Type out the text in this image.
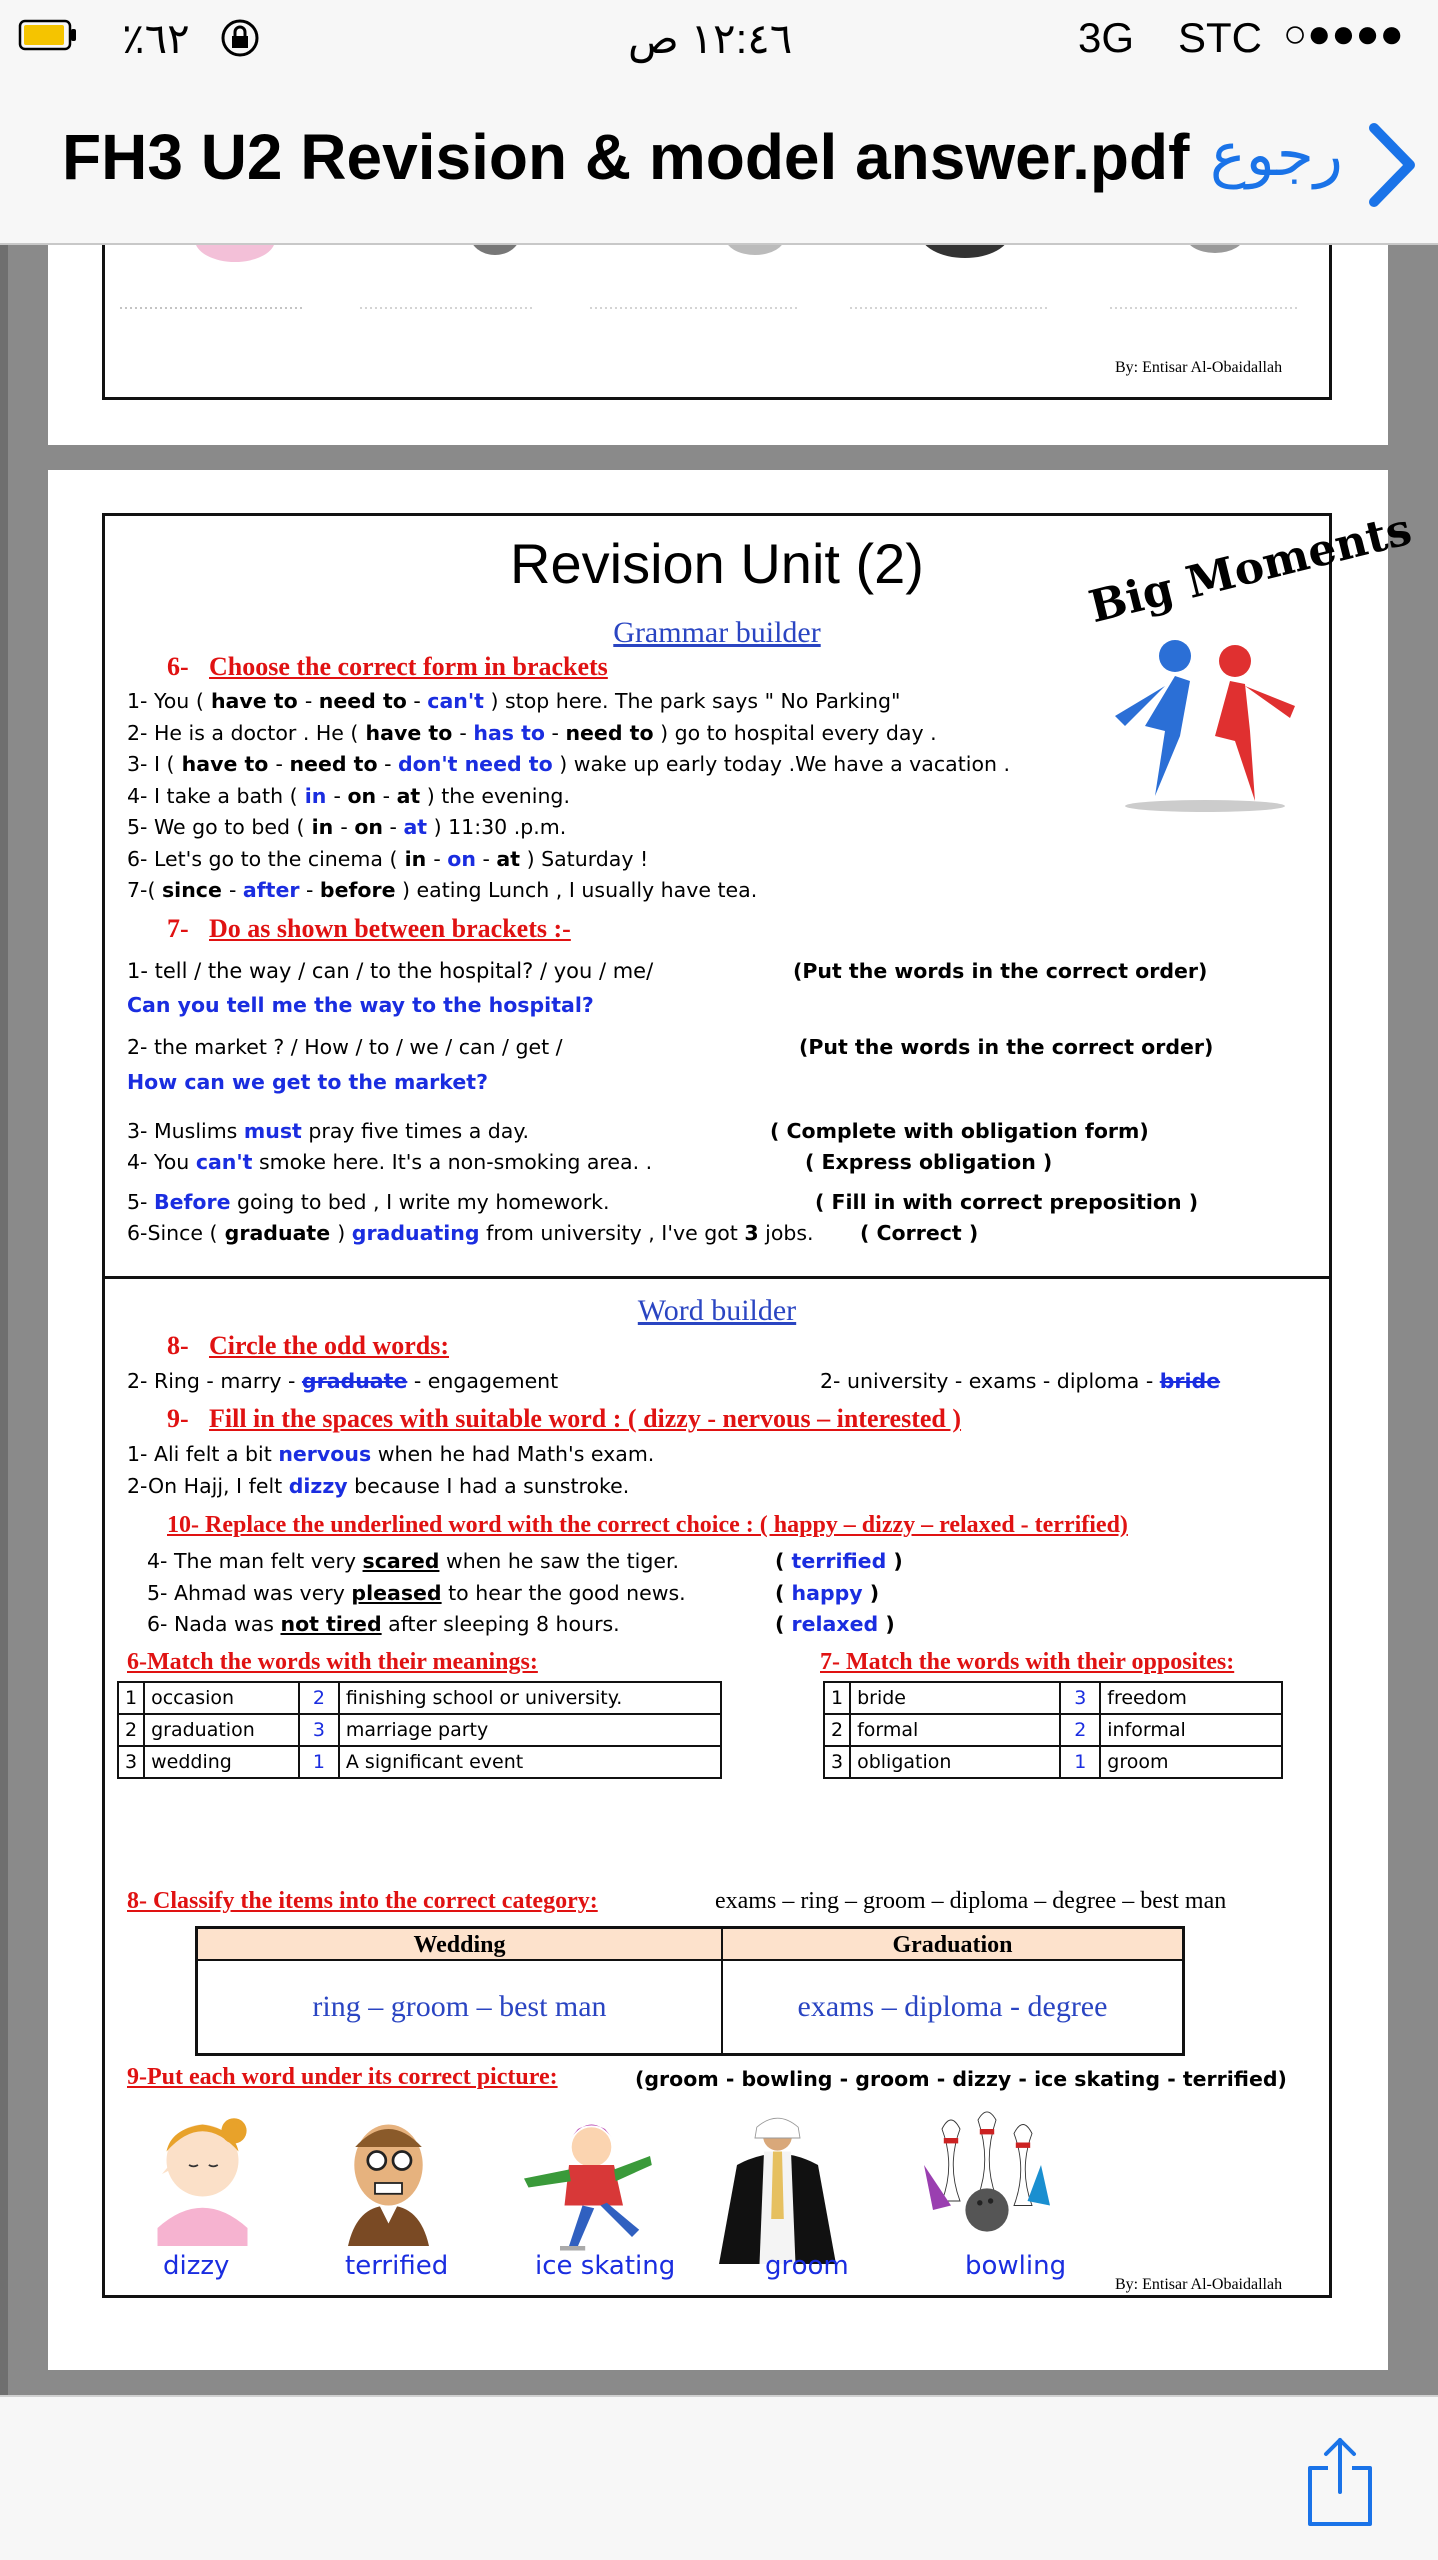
٪٦٢	١٢:٤٦ ص	3G STC ○●●●●
FH3 U2 Revision & model answer.pdf رجوع
By: Entisar Al-Obaidallah
Revision Unit (2)	Big Moments
Grammar builder
6- Choose the correct form in brackets
1- You ( have to - need to - can't ) stop here. The park says " No Parking"
2- He is a doctor . He ( have to - has to - need to ) go to hospital every day .
3- I ( have to - need to - don't need to ) wake up early today .We have a vacation .
4- I take a bath ( in - on - at ) the evening.
5- We go to bed ( in - on - at ) 11:30 .p.m.
6- Let's go to the cinema ( in - on - at ) Saturday !
7-( since - after - before ) eating Lunch , I usually have tea.
7- Do as shown between brackets :-
1- tell / the way / can / to the hospital? / you / me/	(Put the words in the correct order)
Can you tell me the way to the hospital?
2- the market ? / How / to / we / can / get /	(Put the words in the correct order)
How can we get to the market?
3- Muslims must pray five times a day.	( Complete with obligation form)
4- You can't smoke here. It's a non-smoking area. .	( Express obligation )
5- Before going to bed , I write my homework.	( Fill in with correct preposition )
6-Since ( graduate ) graduating from university , I've got 3 jobs. ( Correct )
Word builder
8- Circle the odd words:
2- Ring - marry - graduate - engagement	2- university - exams - diploma - bride
9- Fill in the spaces with suitable word : ( dizzy - nervous – interested )
1- Ali felt a bit nervous when he had Math's exam.
2-On Hajj, I felt dizzy because I had a sunstroke.
10- Replace the underlined word with the correct choice : ( happy – dizzy – relaxed - terrified)
4- The man felt very scared when he saw the tiger.	( terrified )
5- Ahmad was very pleased to hear the good news.	( happy )
6- Nada was not tired after sleeping 8 hours.	( relaxed )
6-Match the words with their meanings:
1	occasion	2	finishing school or university.
2	graduation	3	marriage party
3	wedding	1	A significant event
7- Match the words with their opposites:
1	bride	3	freedom
2	formal	2	informal
3	obligation	1	groom
8- Classify the items into the correct category:	exams – ring – groom – diploma – degree – best man
Wedding	Graduation
ring – groom – best man	exams – diploma - degree
9-Put each word under its correct picture:	(groom - bowling - groom - dizzy - ice skating - terrified)
dizzy	terrified	ice skating	groom	bowling
By: Entisar Al-Obaidallah
